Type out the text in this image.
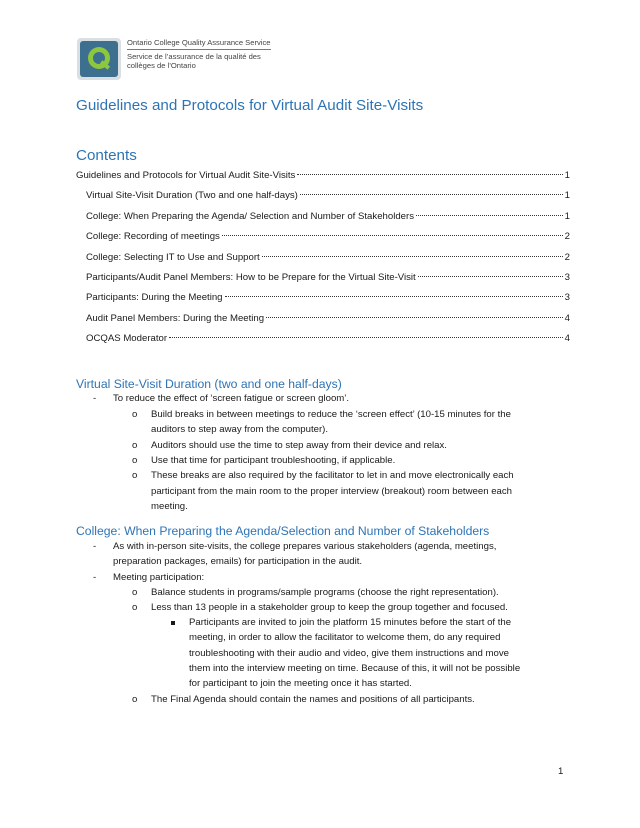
Ontario College Quality Assurance Service
Service de l’assurance de la qualité des
collèges de l’Ontario
Guidelines and Protocols for Virtual Audit Site-Visits
Contents
Guidelines and Protocols for Virtual Audit Site-Visits	1
Virtual Site-Visit Duration (Two and one half-days)	1
College: When Preparing the Agenda/ Selection and Number of Stakeholders	1
College: Recording of meetings	2
College: Selecting IT to Use and Support	2
Participants/Audit Panel Members: How to be Prepare for the Virtual Site-Visit	3
Participants: During the Meeting	3
Audit Panel Members: During the Meeting	4
OCQAS Moderator	4
Virtual Site-Visit Duration (two and one half-days)
- To reduce the effect of ‘screen fatigue or screen gloom’.
o Build breaks in between meetings to reduce the ‘screen effect’ (10-15 minutes for the
auditors to step away from the computer).
o Auditors should use the time to step away from their device and relax.
o Use that time for participant troubleshooting, if applicable.
o These breaks are also required by the facilitator to let in and move electronically each
participant from the main room to the proper interview (breakout) room between each
meeting.
College: When Preparing the Agenda/Selection and Number of Stakeholders
- As with in-person site-visits, the college prepares various stakeholders (agenda, meetings,
preparation packages, emails) for participation in the audit.
- Meeting participation:
o Balance students in programs/sample programs (choose the right representation).
o Less than 13 people in a stakeholder group to keep the group together and focused.
Participants are invited to join the platform 15 minutes before the start of the
meeting, in order to allow the facilitator to welcome them, do any required
troubleshooting with their audio and video, give them instructions and move
them into the interview meeting on time. Because of this, it will not be possible
for participant to join the meeting once it has started.
o The Final Agenda should contain the names and positions of all participants.
1
